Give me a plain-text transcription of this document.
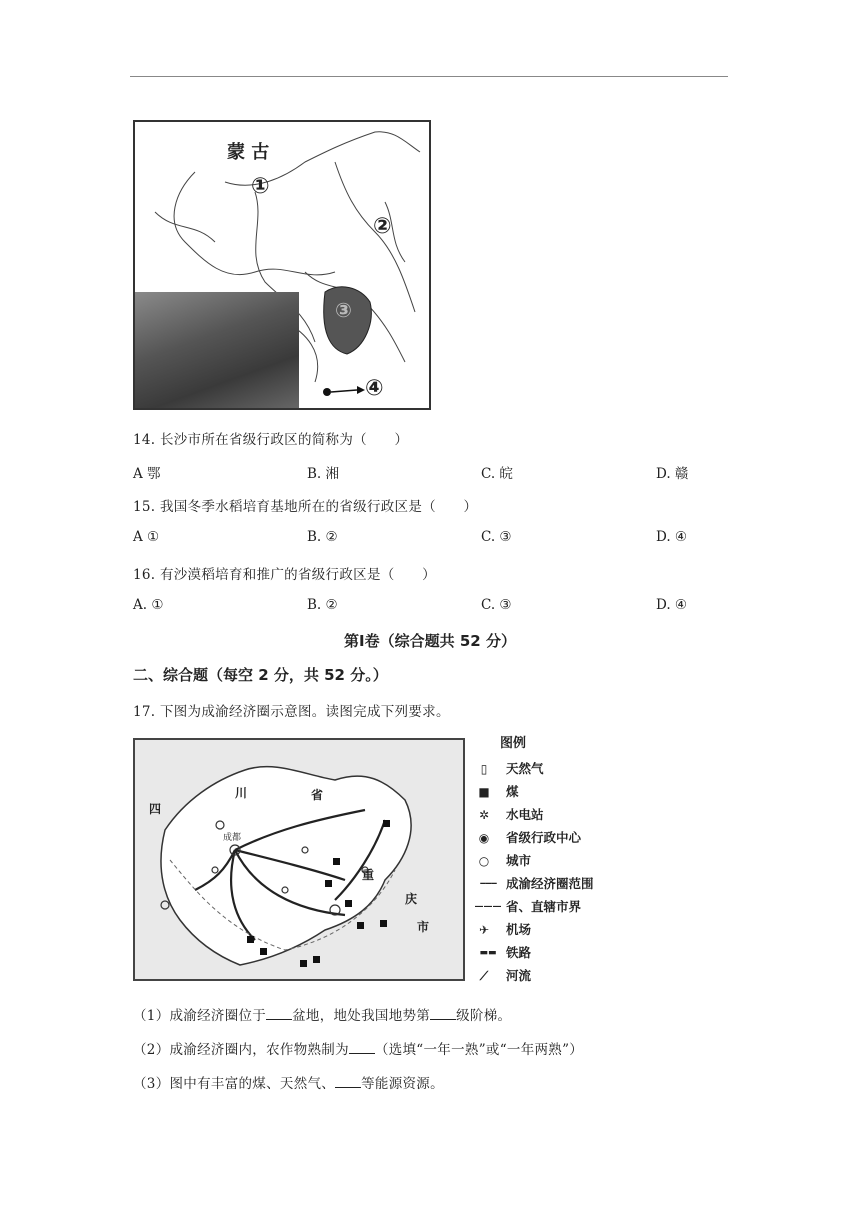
蒙 古
①
②
③
④
14. 长沙市所在省级行政区的简称为（　　）
A 鄂	B. 湘	C. 皖	D. 赣
15. 我国冬季水稻培育基地所在的省级行政区是（　　）
A ①	B. ②	C. ③	D. ④
16. 有沙漠稻培育和推广的省级行政区是（　　）
A. ①	B. ②	C. ③	D. ④
第Ⅰ卷（综合题共 52 分）
二、综合题（每空 2 分，共 52 分。）
17. 下图为成渝经济圈示意图。读图完成下列要求。
四
川	省
重
庆
市
成都
图例
▯	天然气
■	煤
✲	水电站
◉	省级行政中心
○	城市
------ 成渝经济圈范围
——— 省、直辖市界
✈	机场
▬▬ 铁路
⟋	河流
（1）成渝经济圈位于 盆地，地处我国地势第 级阶梯。
（2）成渝经济圈内，农作物熟制为 （选填“一年一熟”或“一年两熟”）
（3）图中有丰富的煤、天然气、 等能源资源。
